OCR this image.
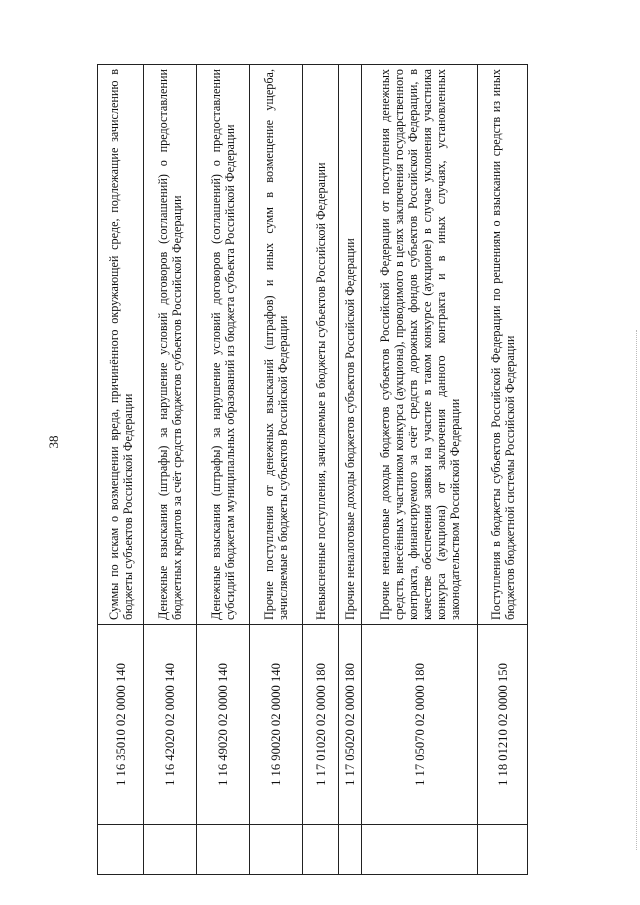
38
	1 16 35010 02 0000 140	Суммы по искам о возмещении вреда, причинённого окружающей среде, подлежащие зачислению в бюджеты субъектов Российской Федерации
	1 16 42020 02 0000 140	Денежные взыскания (штрафы) за нарушение условий договоров (соглашений) о предоставлении бюджетных кредитов за счёт средств бюджетов субъектов Российской Федерации
	1 16 49020 02 0000 140	Денежные взыскания (штрафы) за нарушение условий договоров (соглашений) о предоставлении субсидий бюджетам муниципальных образований из бюджета субъекта Российской Федерации
	1 16 90020 02 0000 140	Прочие поступления от денежных взысканий (штрафов) и иных сумм в возмещение ущерба, зачисляемые в бюджеты субъектов Российской Федерации
	1 17 01020 02 0000 180	Невыясненные поступления, зачисляемые в бюджеты субъектов Российской Федерации
	1 17 05020 02 0000 180	Прочие неналоговые доходы бюджетов субъектов Российской Федерации
	1 17 05070 02 0000 180	Прочие неналоговые доходы бюджетов субъектов Российской Федерации от поступления денежных средств, внесённых участником конкурса (аукциона), проводимого в целях заключения государственного контракта, финансируемого за счёт средств дорожных фондов субъектов Российской Федерации, в качестве обеспечения заявки на участие в таком конкурсе (аукционе) в случае уклонения участника конкурса (аукциона) от заключения данного контракта и в иных случаях, установленных законодательством Российской Федерации
	1 18 01210 02 0000 150	Поступления в бюджеты субъектов Российской Федерации по решениям о взыскании средств из иных бюджетов бюджетной системы Российской Федерации
